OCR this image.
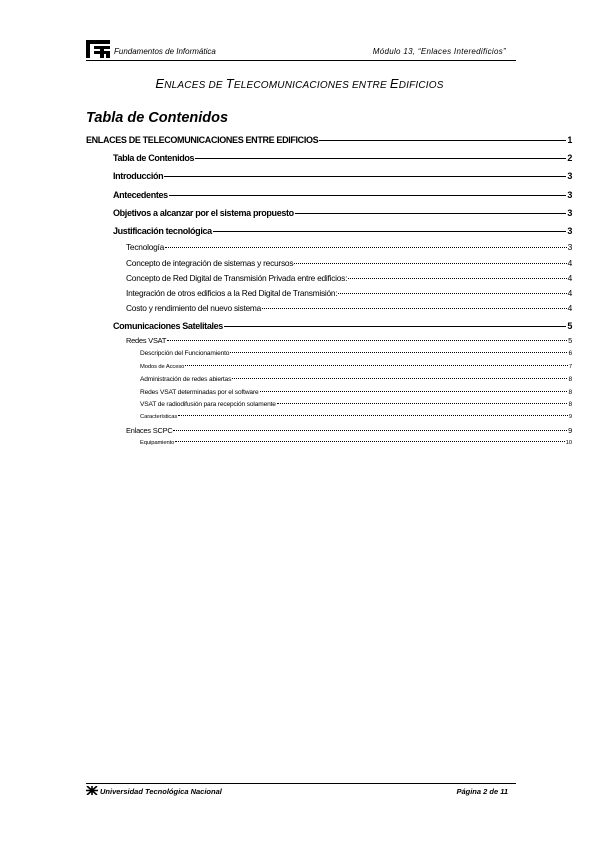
Fundamentos de Informática	Módulo 13, “Enlaces Interedificios”
ENLACES DE TELECOMUNICACIONES ENTRE EDIFICIOS
Tabla de Contenidos
ENLACES DE TELECOMUNICACIONES ENTRE EDIFICIOS	1
Tabla de Contenidos	2
Introducción	3
Antecedentes	3
Objetivos a alcanzar por el sistema propuesto	3
Justificación tecnológica	3
Tecnología	3
Concepto de integración de sistemas y recursos	4
Concepto de Red Digital de Transmisión Privada entre edificios:	4
Integración de otros edificios a la Red Digital de Transmisión:	4
Costo y rendimiento del nuevo sistema	4
Comunicaciones Satelitales	5
Redes VSAT	5
Descripción del Funcionamiento	6
Modos de Acceso	7
Administración de redes abiertas	8
Redes VSAT determinadas por el software	8
VSAT de radiodifusión para recepción solamente	8
Características	9
Enlaces SCPC	9
Equipamiento	10
Universidad Tecnológica Nacional	Página 2 de 11
